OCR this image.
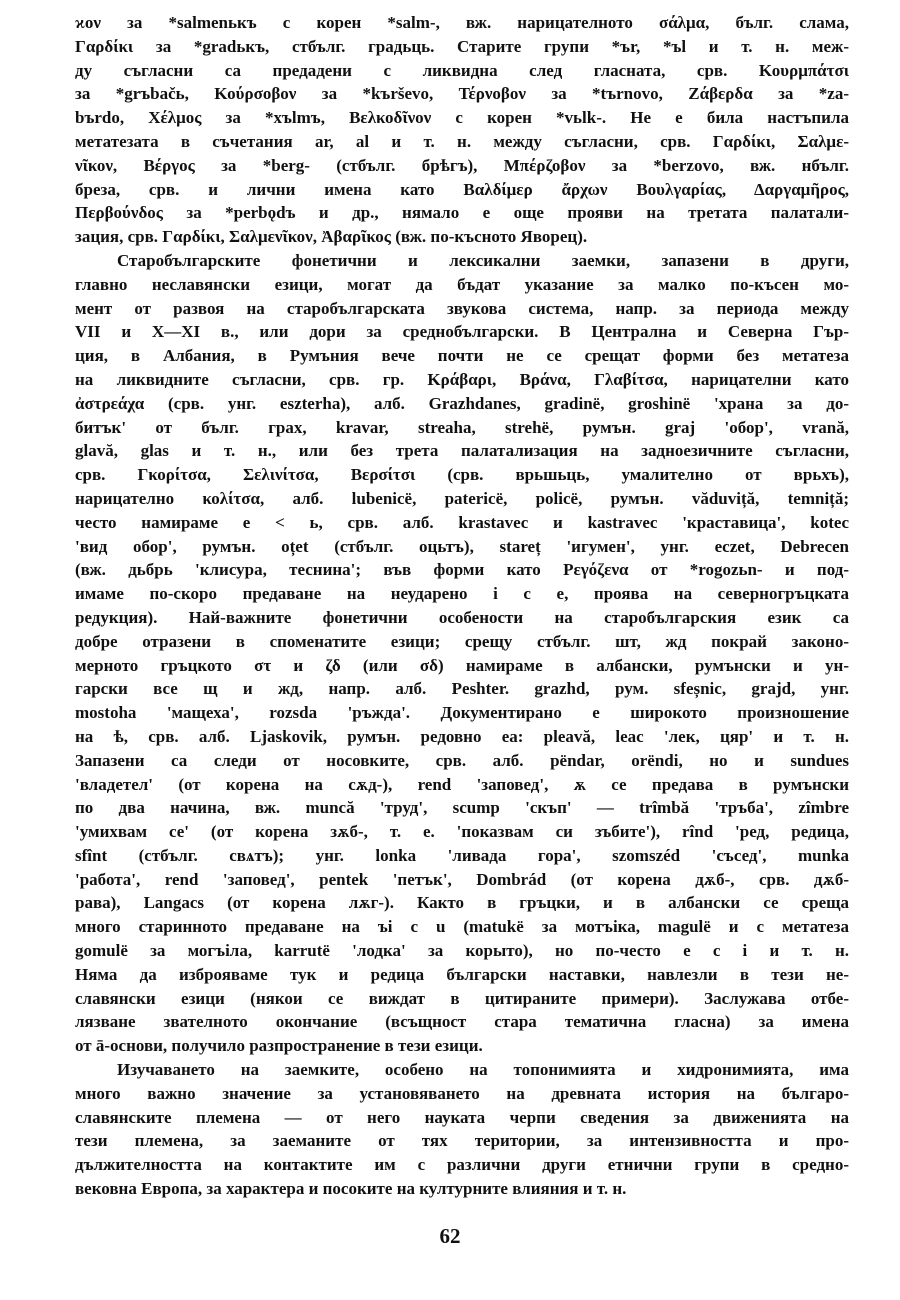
ϰον за *salmenькъ с корен *salm-, вж. нарицателното σάλμα, бълг. слама,
Γαρδίκι за *gradькъ, стбълг. градьць. Старите групи *ъr, *ъl и т. н. меж-
ду съгласни са предадени с ликвидна след гласната, срв. Κουρμπάτσι
за *grъbačь, Κούρσοβον за *kъrševo, Τέρνοβον за *tъrnovo, Ζάβερδα за *za-
bъrdo, Χέλμος за *xъlmъ, Βελκοδῖνον с корен *vьlk-. Не е била настъпила
метатезата в съчетания ar, al и т. н. между съгласни, срв. Γαρδίκι, Σαλμε-
νῖκον, Βέργος за *berg- (стбълг. брѣгъ), Μπέρζοβον за *berzovo, вж. нбълг.
бреза, срв. и лични имена като Βαλδίμερ ἄρχων Βουλγαρίας, Δαργαμῆρος,
Περβούνδος за *perbǫdъ и др., нямало е още прояви на третата палатали-
зация, срв. Γαρδίκι, Σαλμενῖκον, Ἀβαρῖκος (вж. по-късното Яворец).
Старобългарските фонетични и лексикални заемки, запазени в други,
главно неславянски езици, могат да бъдат указание за малко по-късен мо-
мент от развоя на старобългарската звукова система, напр. за периода между
VII и X—XI в., или дори за среднобългарски. В Централна и Северна Гър-
ция, в Албания, в Румъния вече почти не се срещат форми без метатеза
на ликвидните съгласни, срв. гр. Κράβαρι, Βράνα, Γλαβίτσα, нарицателни като
ἀστρεάχα (срв. унг. eszterha), алб. Grazhdanes, gradinë, groshinë 'храна за до-
битък' от бълг. грах, kravar, streaha, strehë, румън. graj 'обор', vrană,
glavă, glas и т. н., или без трета палатализация на задноезичните съгласни,
срв. Γκορίτσα, Σελινίτσα, Βερσίτσι (срв. врьшьць, умалително от врьхъ),
нарицателно κολίτσα, алб. lubenicë, patericë, policë, румън. văduviță, temniță;
често намираме e < ь, срв. алб. krastavec и kastravec 'краставица', kotec
'вид обор', румън. oțet (стбълг. оцьтъ), stareț 'игумен', унг. eczet, Debrecen
(вж. дьбрь 'клисура, теснина'; във форми като Ρεγόζενα от *rogozьn- и под-
имаме по-скоро предаване на неударено i с e, проява на северногръцката
редукция). Най-важните фонетични особености на старобългарския език са
добре отразени в споменатите езици; срещу стбълг. шт, жд покрай законо-
мерното гръцкото στ и ζδ (или σδ) намираме в албански, румънски и ун-
гарски все щ и жд, напр. алб. Peshter. grazhd, рум. sfeșnic, grajd, унг.
mostoha 'мащеха', rozsda 'ръжда'. Документирано е широкото произношение
на ѣ, срв. алб. Ljaskovik, румън. редовно ea: pleavă, leac 'лек, цяр' и т. н.
Запазени са следи от носовките, срв. алб. pëndar, orëndi, но и sundues
'владетел' (от корена на сѫд-), rend 'заповед', ѫ се предава в румънски
по два начина, вж. muncă 'труд', scump 'скъп' — trîmbă 'тръба', zîmbre
'умихвам се' (от корена зѫб-, т. е. 'показвам си зъбите'), rînd 'ред, редица,
sfînt (стбълг. свѧтъ); унг. lonka 'ливада гора', szomszéd 'съсед', munka
'работа', rend 'заповед', pentek 'петък', Dombrád (от корена дѫб-, срв. дѫб-
рава), Langacs (от корена лѫг-). Както в гръцки, и в албански се среща
много старинното предаване на ъі с u (matukë за мотъіка, magulë и с метатеза
gomulë за могъіла, karrutë 'лодка' за корыто), но по-често е с i и т. н.
Няма да изброяваме тук и редица български наставки, навлезли в тези не-
славянски езици (някои се виждат в цитираните примери). Заслужава отбе-
лязване звателното окончание (всъщност стара тематична гласна) за имена
от ā-основи, получило разпространение в тези езици.
Изучаването на заемките, особено на топонимията и хидронимията, има
много важно значение за установяването на древната история на българо-
славянските племена — от него науката черпи сведения за движенията на
тези племена, за заеманите от тях територии, за интензивността и про-
дължителността на контактите им с различни други етнични групи в средно-
вековна Европа, за характера и посоките на културните влияния и т. н.
62
